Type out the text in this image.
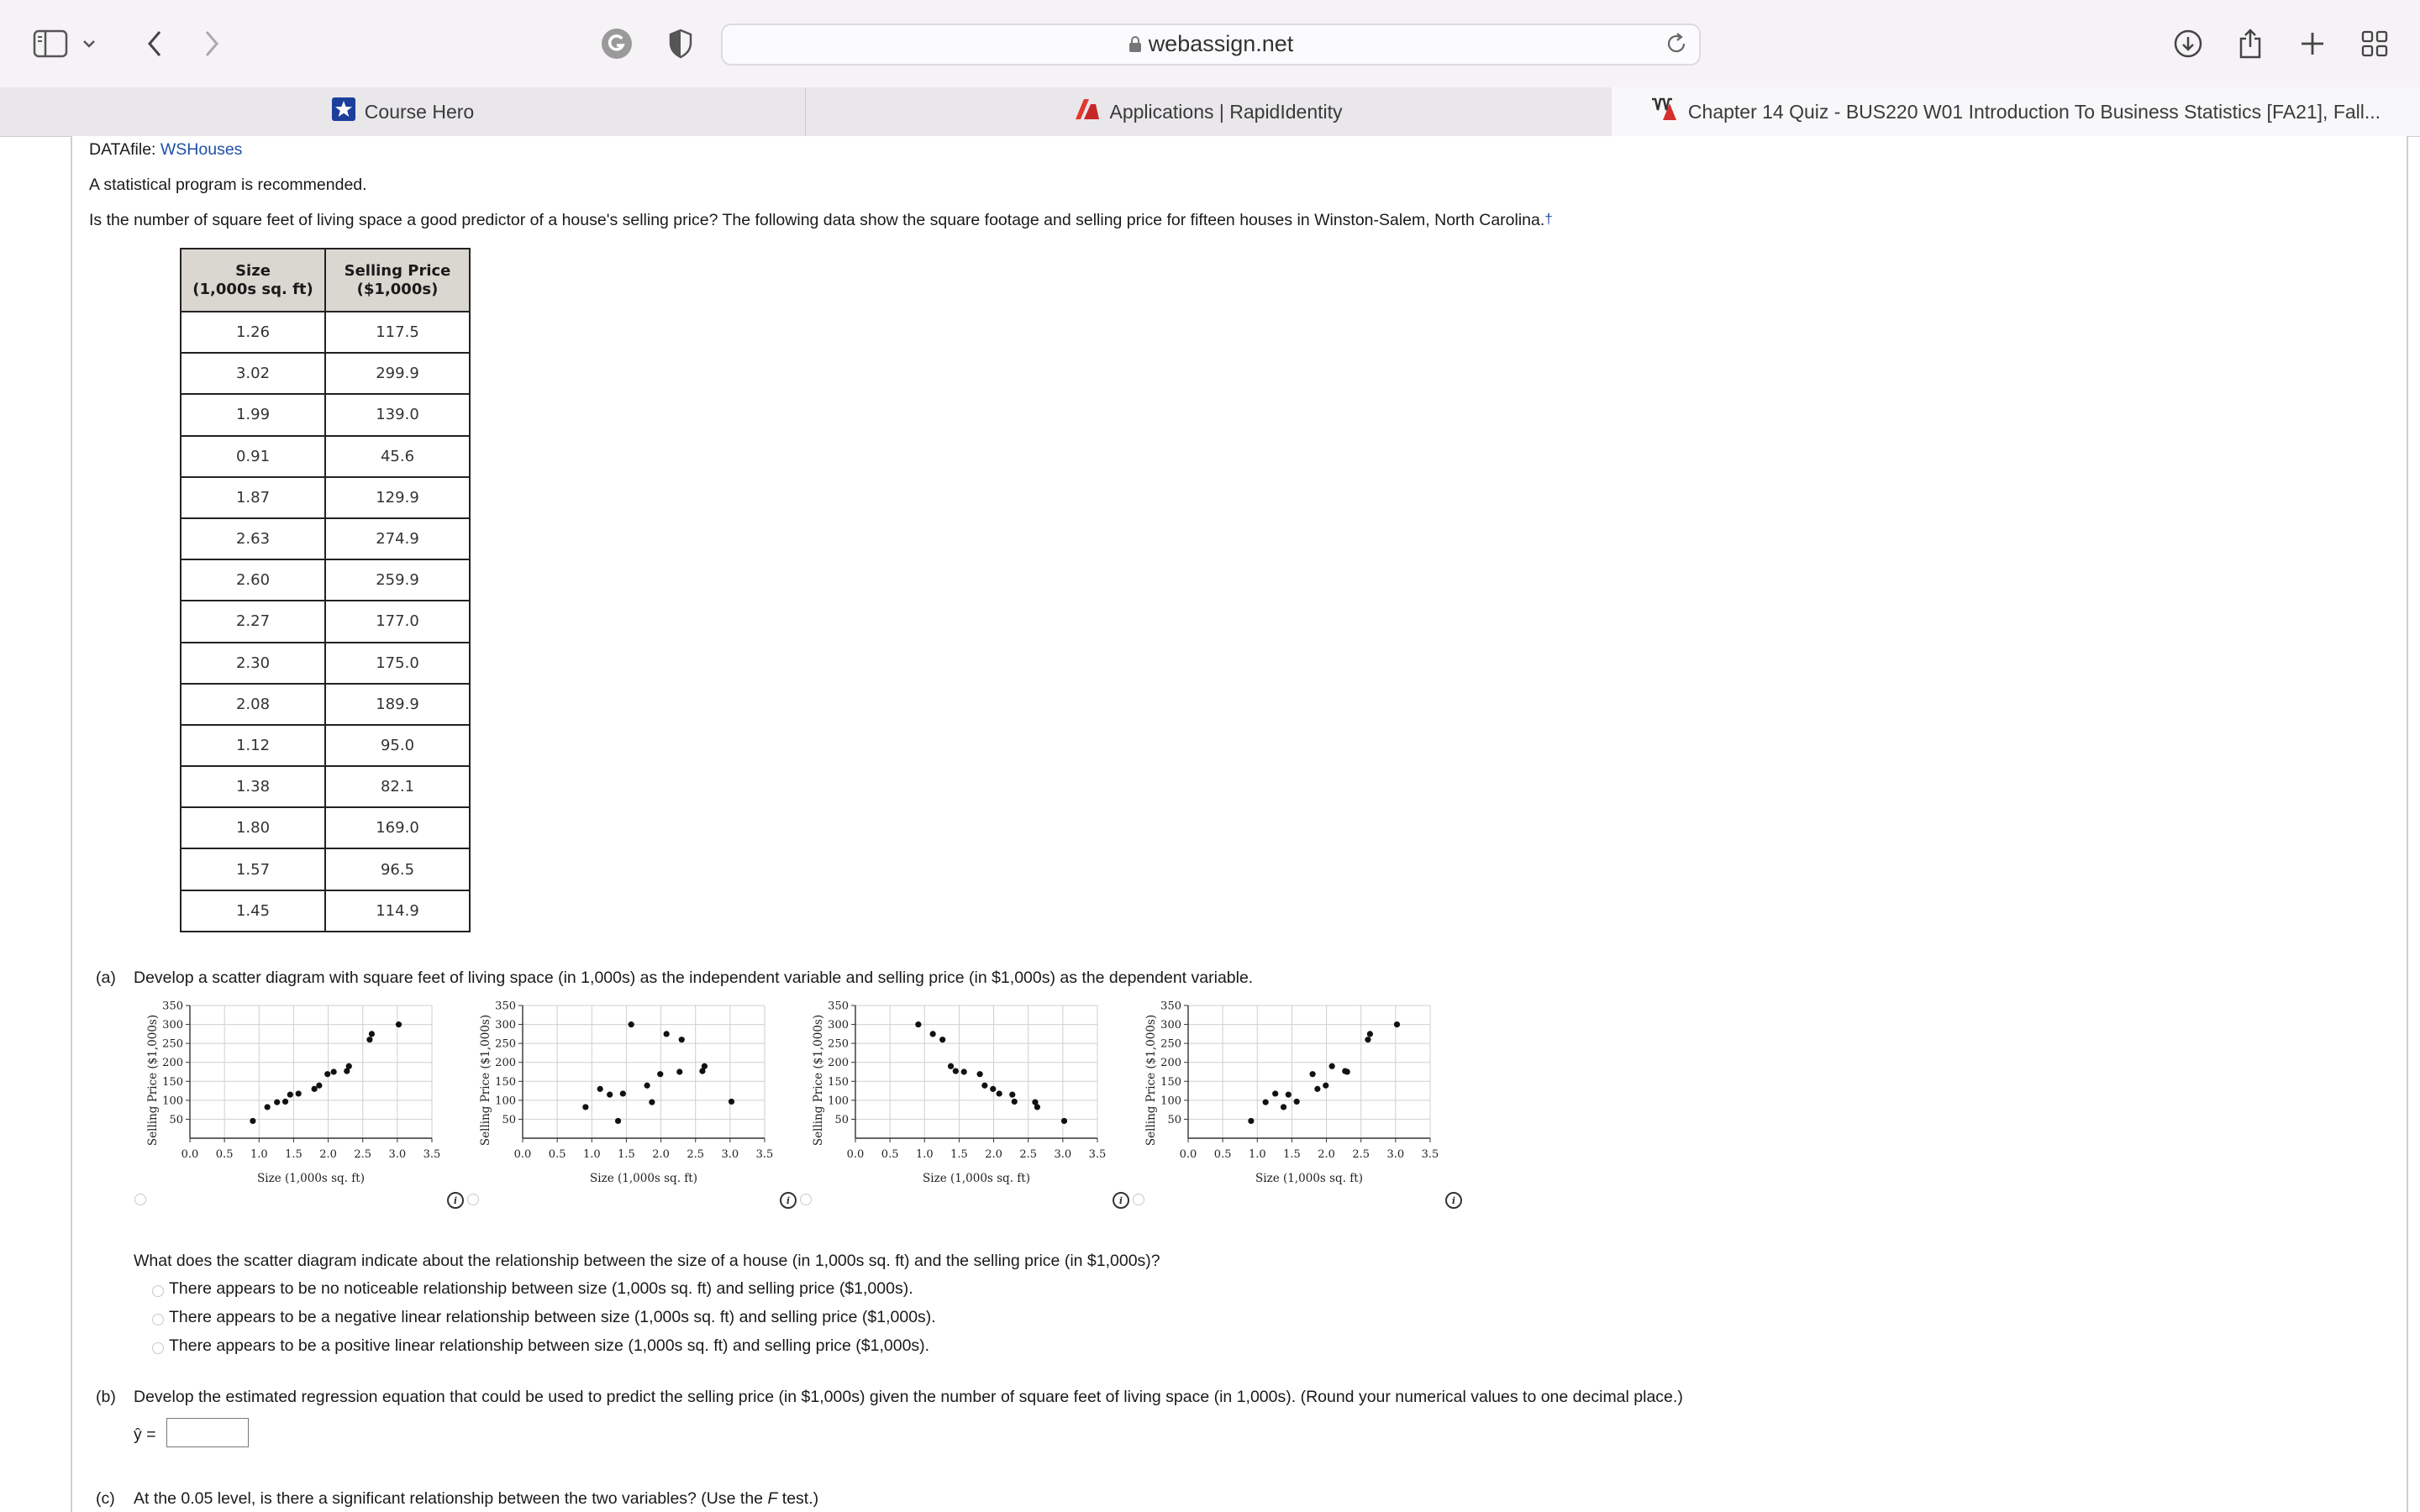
webassign.net
Course Hero	Applications | RapidIdentity	Chapter 14 Quiz - BUS220 W01 Introduction To Business Statistics [FA21], Fall...
DATAfile: WSHouses
A statistical program is recommended.
Is the number of square feet of living space a good predictor of a house's selling price? The following data show the square footage and selling price for fifteen houses in Winston-Salem, North Carolina.†
Size
(1,000s sq. ft)	Selling Price
($1,000s)
1.26	117.5
3.02	299.9
1.99	139.0
0.91	45.6
1.87	129.9
2.63	274.9
2.60	259.9
2.27	177.0
2.30	175.0
2.08	189.9
1.12	95.0
1.38	82.1
1.80	169.0
1.57	96.5
1.45	114.9
(a) Develop a scatter diagram with square feet of living space (in 1,000s) as the independent variable and selling price (in $1,000s) as the dependent variable.
0.0 0.5 1.0 1.5 2.0 2.5 3.0 3.5
50
100
150
200
250
300
350
Size (1,000s sq. ft)
Selling Price ($1,000s)
0.0 0.5 1.0 1.5 2.0 2.5 3.0 3.5
50
100
150
200
250
300
350
Size (1,000s sq. ft)
Selling Price ($1,000s)
0.0 0.5 1.0 1.5 2.0 2.5 3.0 3.5
50
100
150
200
250
300
350
Size (1,000s sq. ft)
Selling Price ($1,000s)
0.0 0.5 1.0 1.5 2.0 2.5 3.0 3.5
50
100
150
200
250
300
350
Size (1,000s sq. ft)
Selling Price ($1,000s)
i	i	i	i
What does the scatter diagram indicate about the relationship between the size of a house (in 1,000s sq. ft) and the selling price (in $1,000s)?
There appears to be no noticeable relationship between size (1,000s sq. ft) and selling price ($1,000s).
There appears to be a negative linear relationship between size (1,000s sq. ft) and selling price ($1,000s).
There appears to be a positive linear relationship between size (1,000s sq. ft) and selling price ($1,000s).
(b) Develop the estimated regression equation that could be used to predict the selling price (in $1,000s) given the number of square feet of living space (in 1,000s). (Round your numerical values to one decimal place.)
ŷ =
(c) At the 0.05 level, is there a significant relationship between the two variables? (Use the F test.)
